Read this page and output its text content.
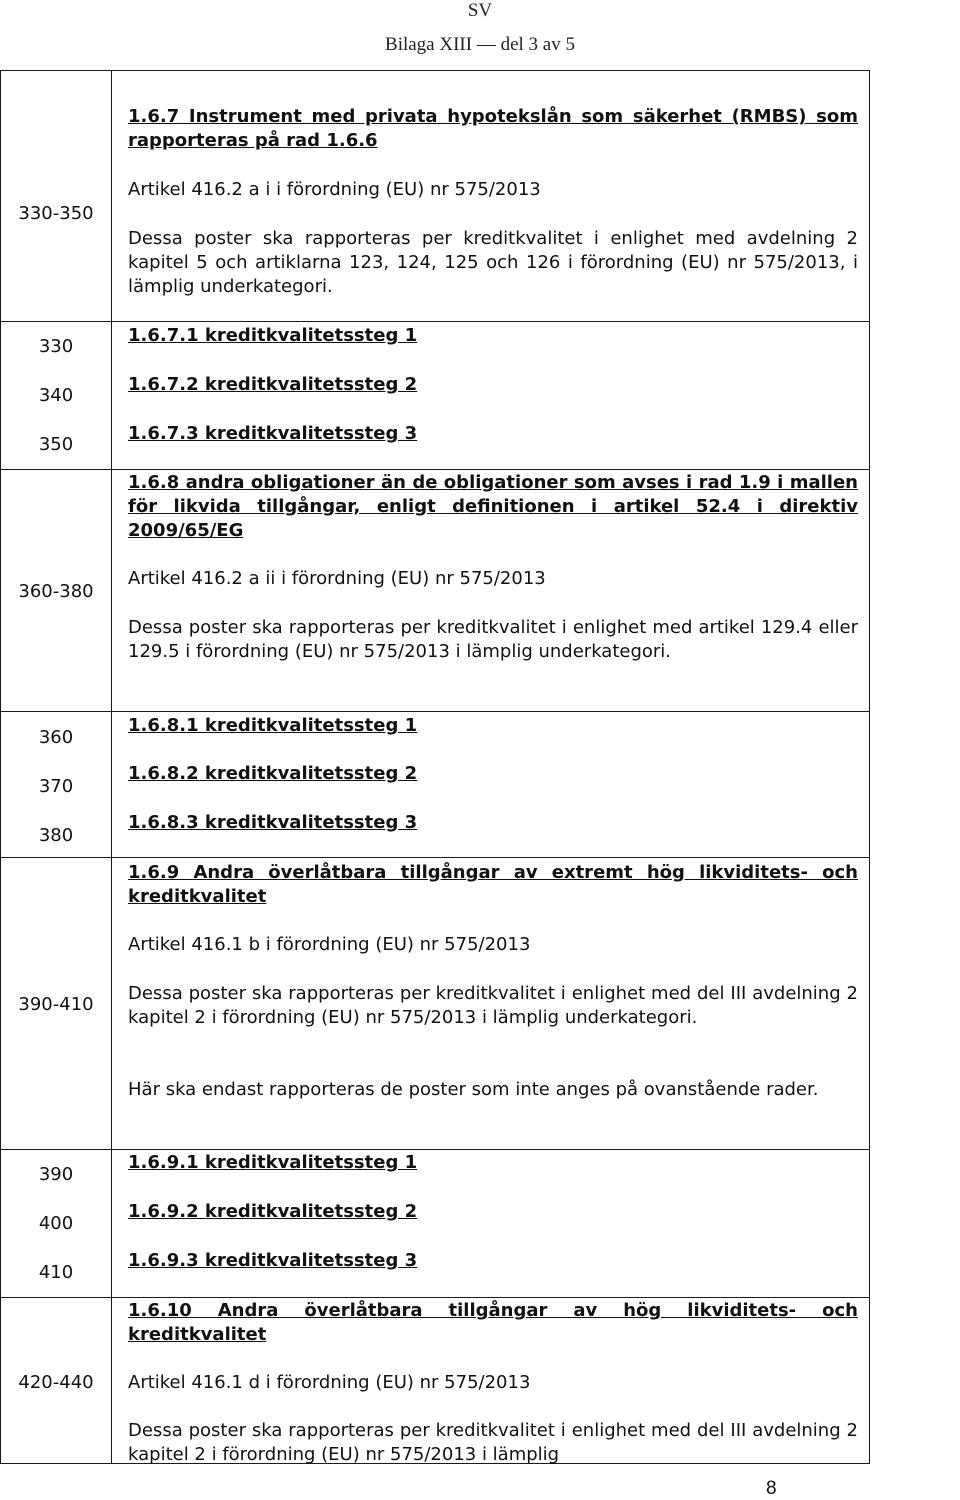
SV
Bilaga XIII — del 3 av 5
330-350
1.6.7 Instrument med privata hypotekslån som säkerhet (RMBS) som rapporteras på rad 1.6.6
Artikel 416.2 a i i förordning (EU) nr 575/2013
Dessa poster ska rapporteras per kreditkvalitet i enlighet med avdelning 2 kapitel 5 och artiklarna 123, 124, 125 och 126 i förordning (EU) nr 575/2013, i lämplig underkategori.
330
1.6.7.1 kreditkvalitetssteg 1
340
1.6.7.2 kreditkvalitetssteg 2
350
1.6.7.3 kreditkvalitetssteg 3
360-380
1.6.8 andra obligationer än de obligationer som avses i rad 1.9 i mallen för likvida tillgångar, enligt definitionen i artikel 52.4 i direktiv 2009/65/EG
Artikel 416.2 a ii i förordning (EU) nr 575/2013
Dessa poster ska rapporteras per kreditkvalitet i enlighet med artikel 129.4 eller 129.5 i förordning (EU) nr 575/2013 i lämplig underkategori.
360
1.6.8.1 kreditkvalitetssteg 1
370
1.6.8.2 kreditkvalitetssteg 2
380
1.6.8.3 kreditkvalitetssteg 3
390-410
1.6.9 Andra överlåtbara tillgångar av extremt hög likviditets- och kreditkvalitet
Artikel 416.1 b i förordning (EU) nr 575/2013
Dessa poster ska rapporteras per kreditkvalitet i enlighet med del III avdelning 2 kapitel 2 i förordning (EU) nr 575/2013 i lämplig underkategori.
Här ska endast rapporteras de poster som inte anges på ovanstående rader.
390
1.6.9.1 kreditkvalitetssteg 1
400
1.6.9.2 kreditkvalitetssteg 2
410
1.6.9.3 kreditkvalitetssteg 3
420-440
1.6.10 Andra överlåtbara tillgångar av hög likviditets- och kreditkvalitet
Artikel 416.1 d i förordning (EU) nr 575/2013
Dessa poster ska rapporteras per kreditkvalitet i enlighet med del III avdelning 2 kapitel 2 i förordning (EU) nr 575/2013 i lämplig
8
